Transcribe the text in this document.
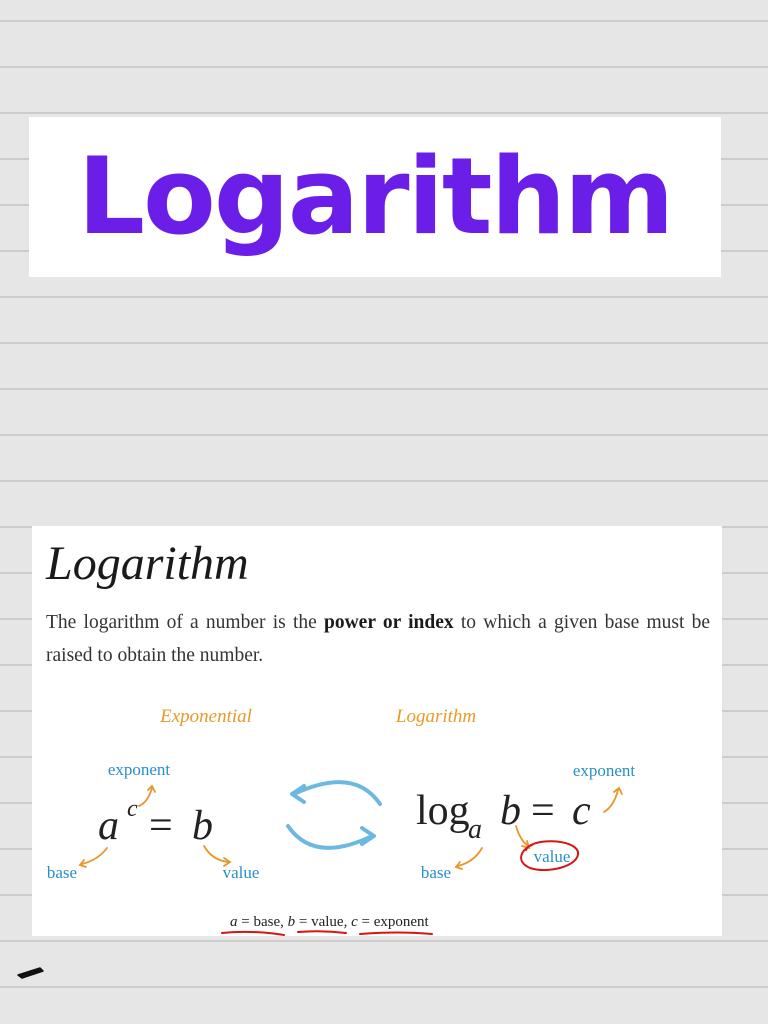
Logarithm
Logarithm
The logarithm of a number is the power or index to which a given base must be raised to obtain the number.
Exponential	Logarithm
a c = b
exponent
base	value
log
a b = c
exponent
base
value
a = base, b = value, c = exponent
